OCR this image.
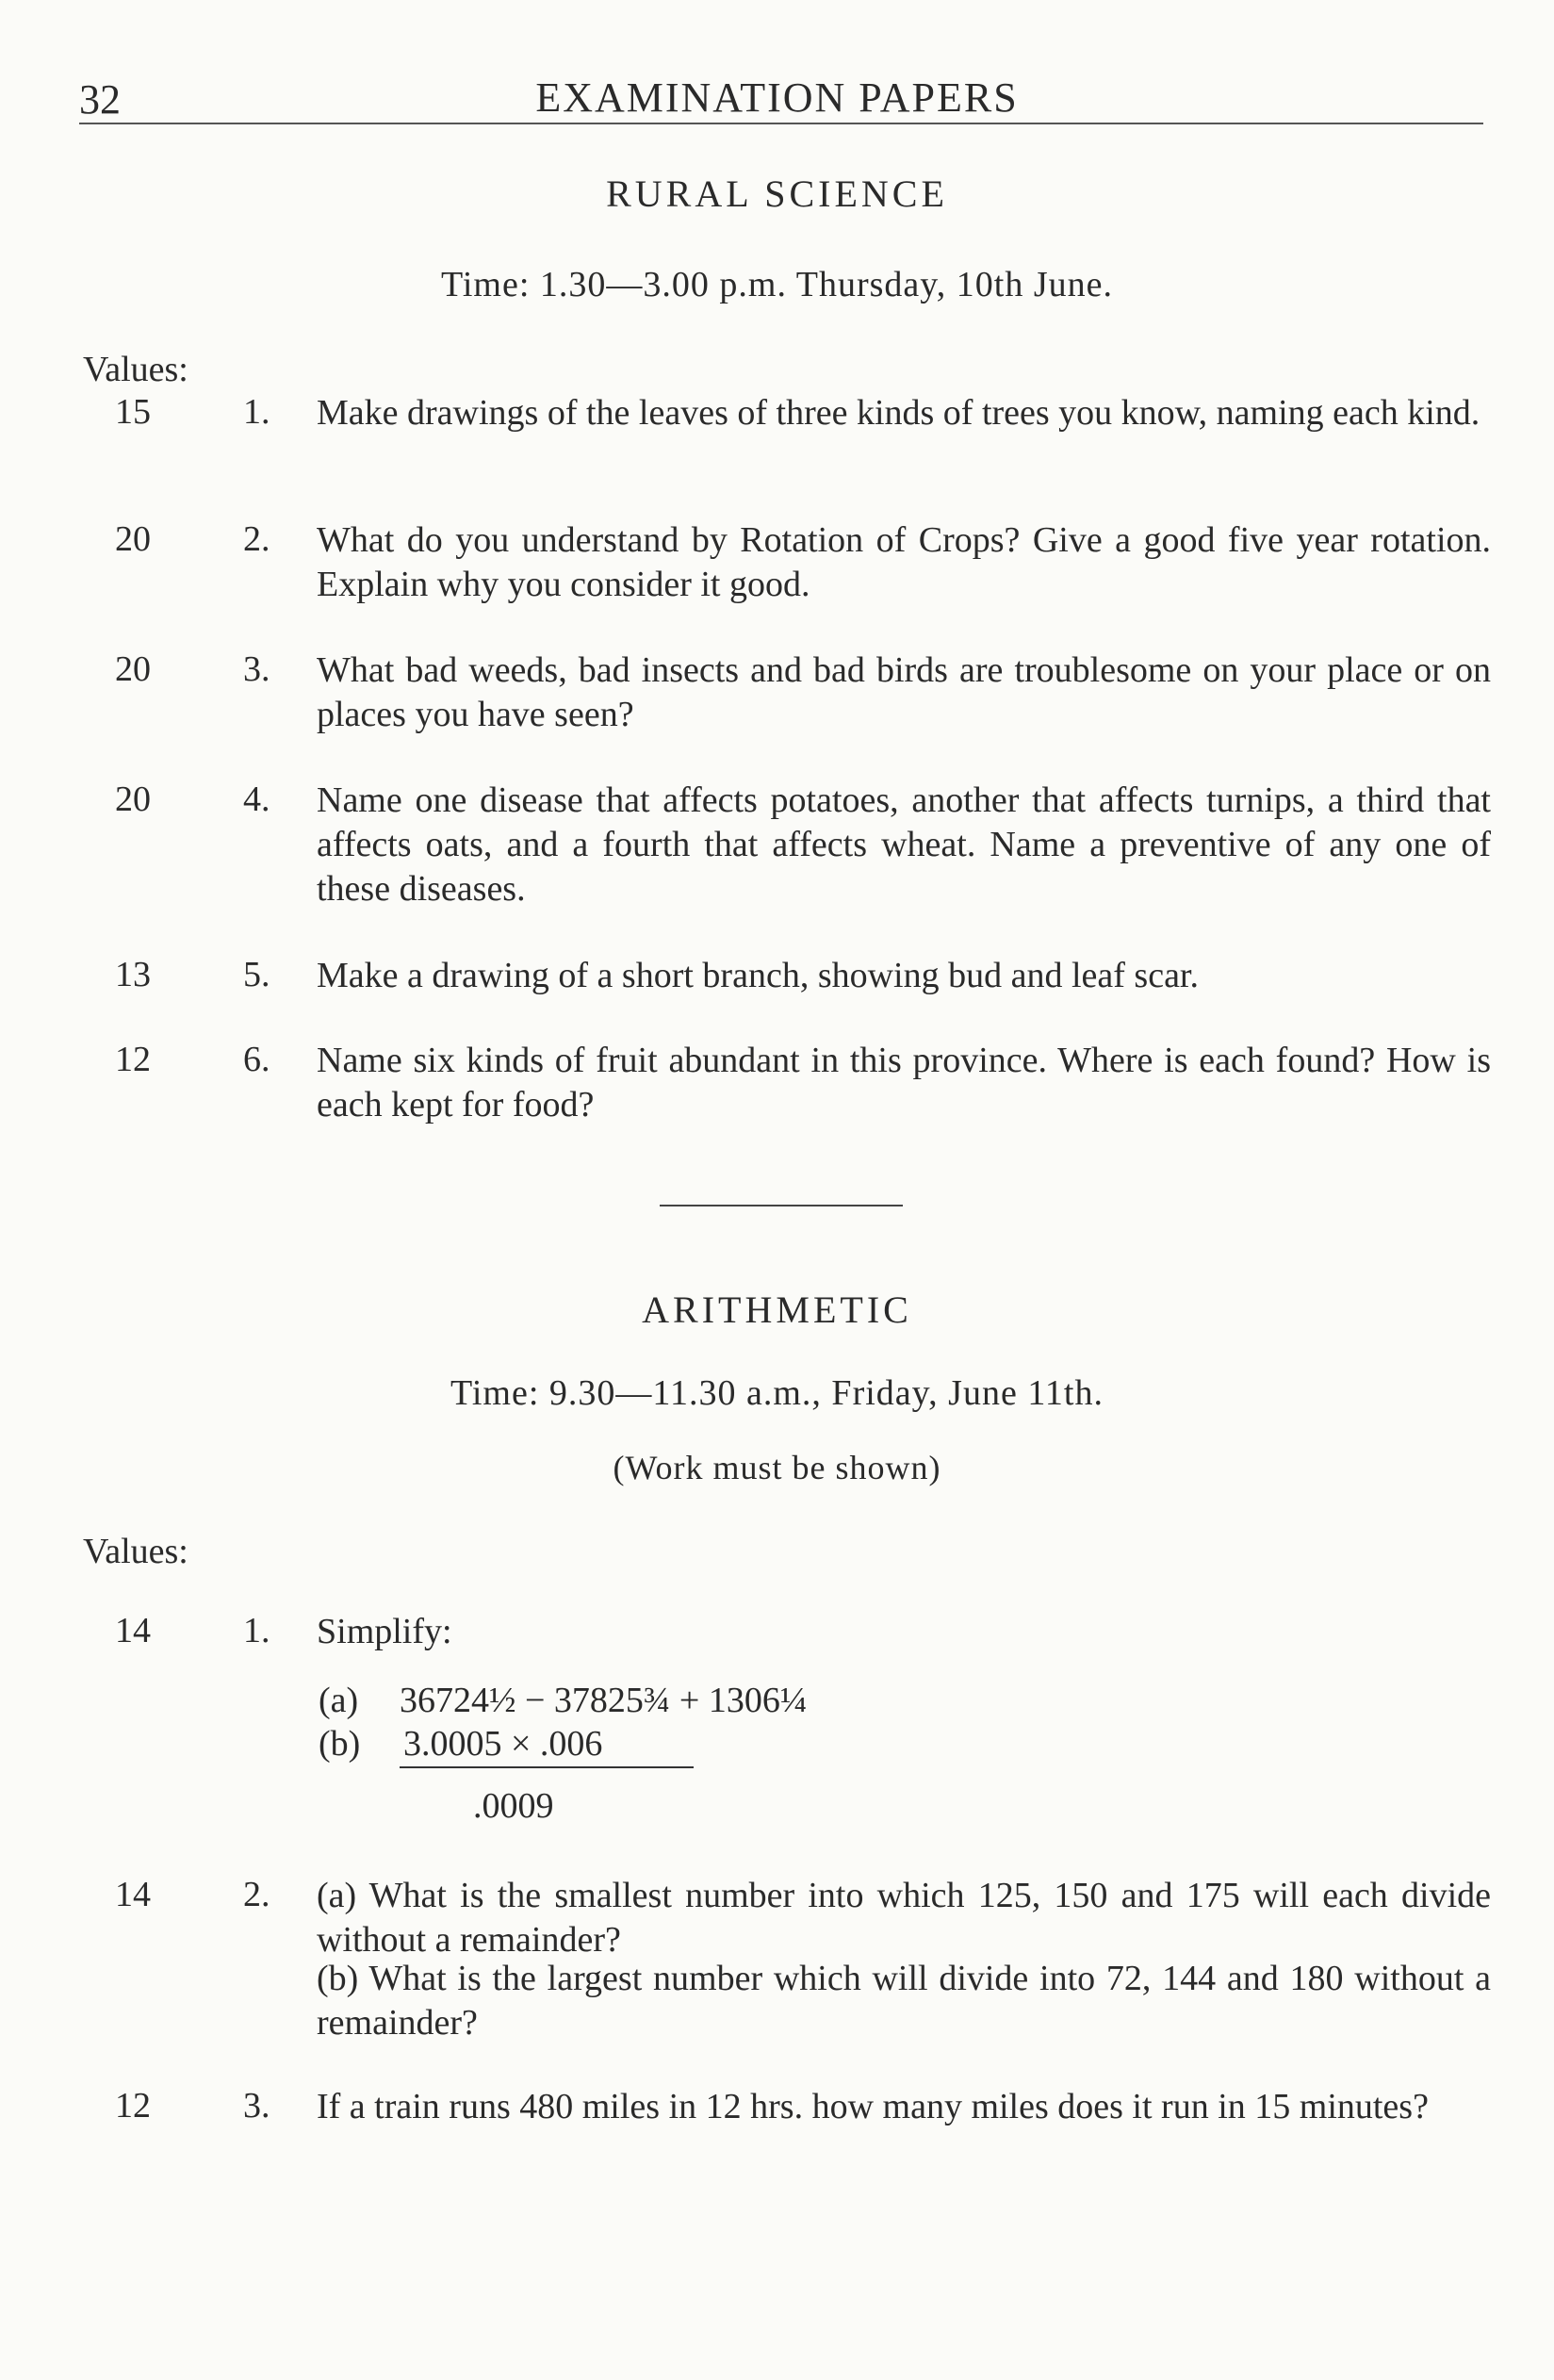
32	EXAMINATION PAPERS
RURAL SCIENCE
Time: 1.30—3.00 p.m. Thursday, 10th June.
Values:
15	1.	Make drawings of the leaves of three kinds of trees you know, naming each kind.
20	2.	What do you understand by Rotation of Crops? Give a good five year rotation. Explain why you consider it good.
20	3.	What bad weeds, bad insects and bad birds are troublesome on your place or on places you have seen?
20	4.	Name one disease that affects potatoes, another that affects turnips, a third that affects oats, and a fourth that affects wheat. Name a preventive of any one of these diseases.
13	5.	Make a drawing of a short branch, showing bud and leaf scar.
12	6.	Name six kinds of fruit abundant in this province. Where is each found? How is each kept for food?
ARITHMETIC
Time: 9.30—11.30 a.m., Friday, June 11th.
(Work must be shown)
Values:
14	1.	Simplify:
(a) 36724½ − 37825¾ + 1306¼
(b) 3.0005 × .006
.0009
14	2.	(a) What is the smallest number into which 125, 150 and 175 will each divide without a remainder?
(b) What is the largest number which will divide into 72, 144 and 180 without a remainder?
12	3.	If a train runs 480 miles in 12 hrs. how many miles does it run in 15 minutes?
